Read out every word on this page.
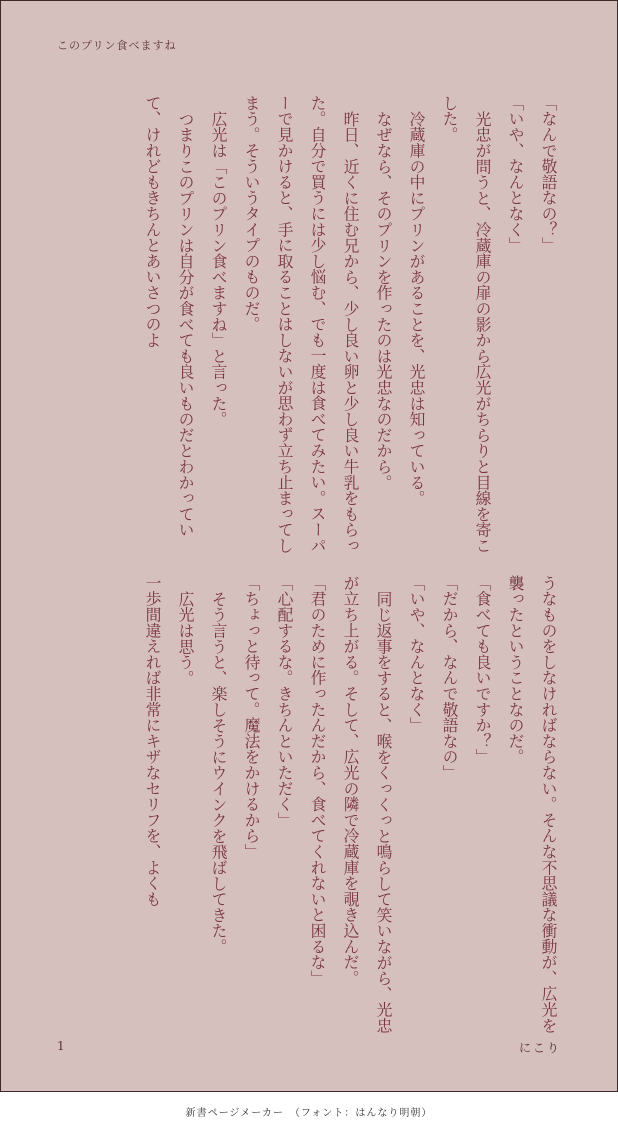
このプリン食べますね

「なんで敬語なの？」

「いや、なんとなく」

光忠が問うと、冷蔵庫の扉の影から広光がちらりと目線を寄こした。

冷蔵庫の中にプリンがあることを、光忠は知っている。

なぜなら、そのプリンを作ったのは光忠なのだから。

昨日、近くに住む兄から、少し良い卵と少し良い牛乳をもらった。自分で買うには少し悩む、でも一度は食べてみたい。スーパーで見かけると、手に取ることはしないが思わず立ち止まってしまう。そういうタイプのものだ。

広光は「このプリン食べますね」と言った。

つまりこのプリンは自分が食べても良いものだとわかっていて、けれどもきちんとあいさつのよ

うなものをしなければならない。そんな不思議な衝動が、広光を襲ったということなのだ。

「食べても良いですか？」

「だから、なんで敬語なの」

「いや、なんとなく」

同じ返事をすると、喉をくっくっと鳴らして笑いながら、光忠が立ち上がる。そして、広光の隣で冷蔵庫を覗き込んだ。

「君のために作ったんだから、食べてくれないと困るな」

「心配するな。きちんといただく」

「ちょっと待って。魔法をかけるから」

そう言うと、楽しそうにウインクを飛ばしてきた。

広光は思う。

一歩間違えれば非常にキザなセリフを、よくも

1	にこり
新書ページメーカー　（フォント：はんなり明朝）
